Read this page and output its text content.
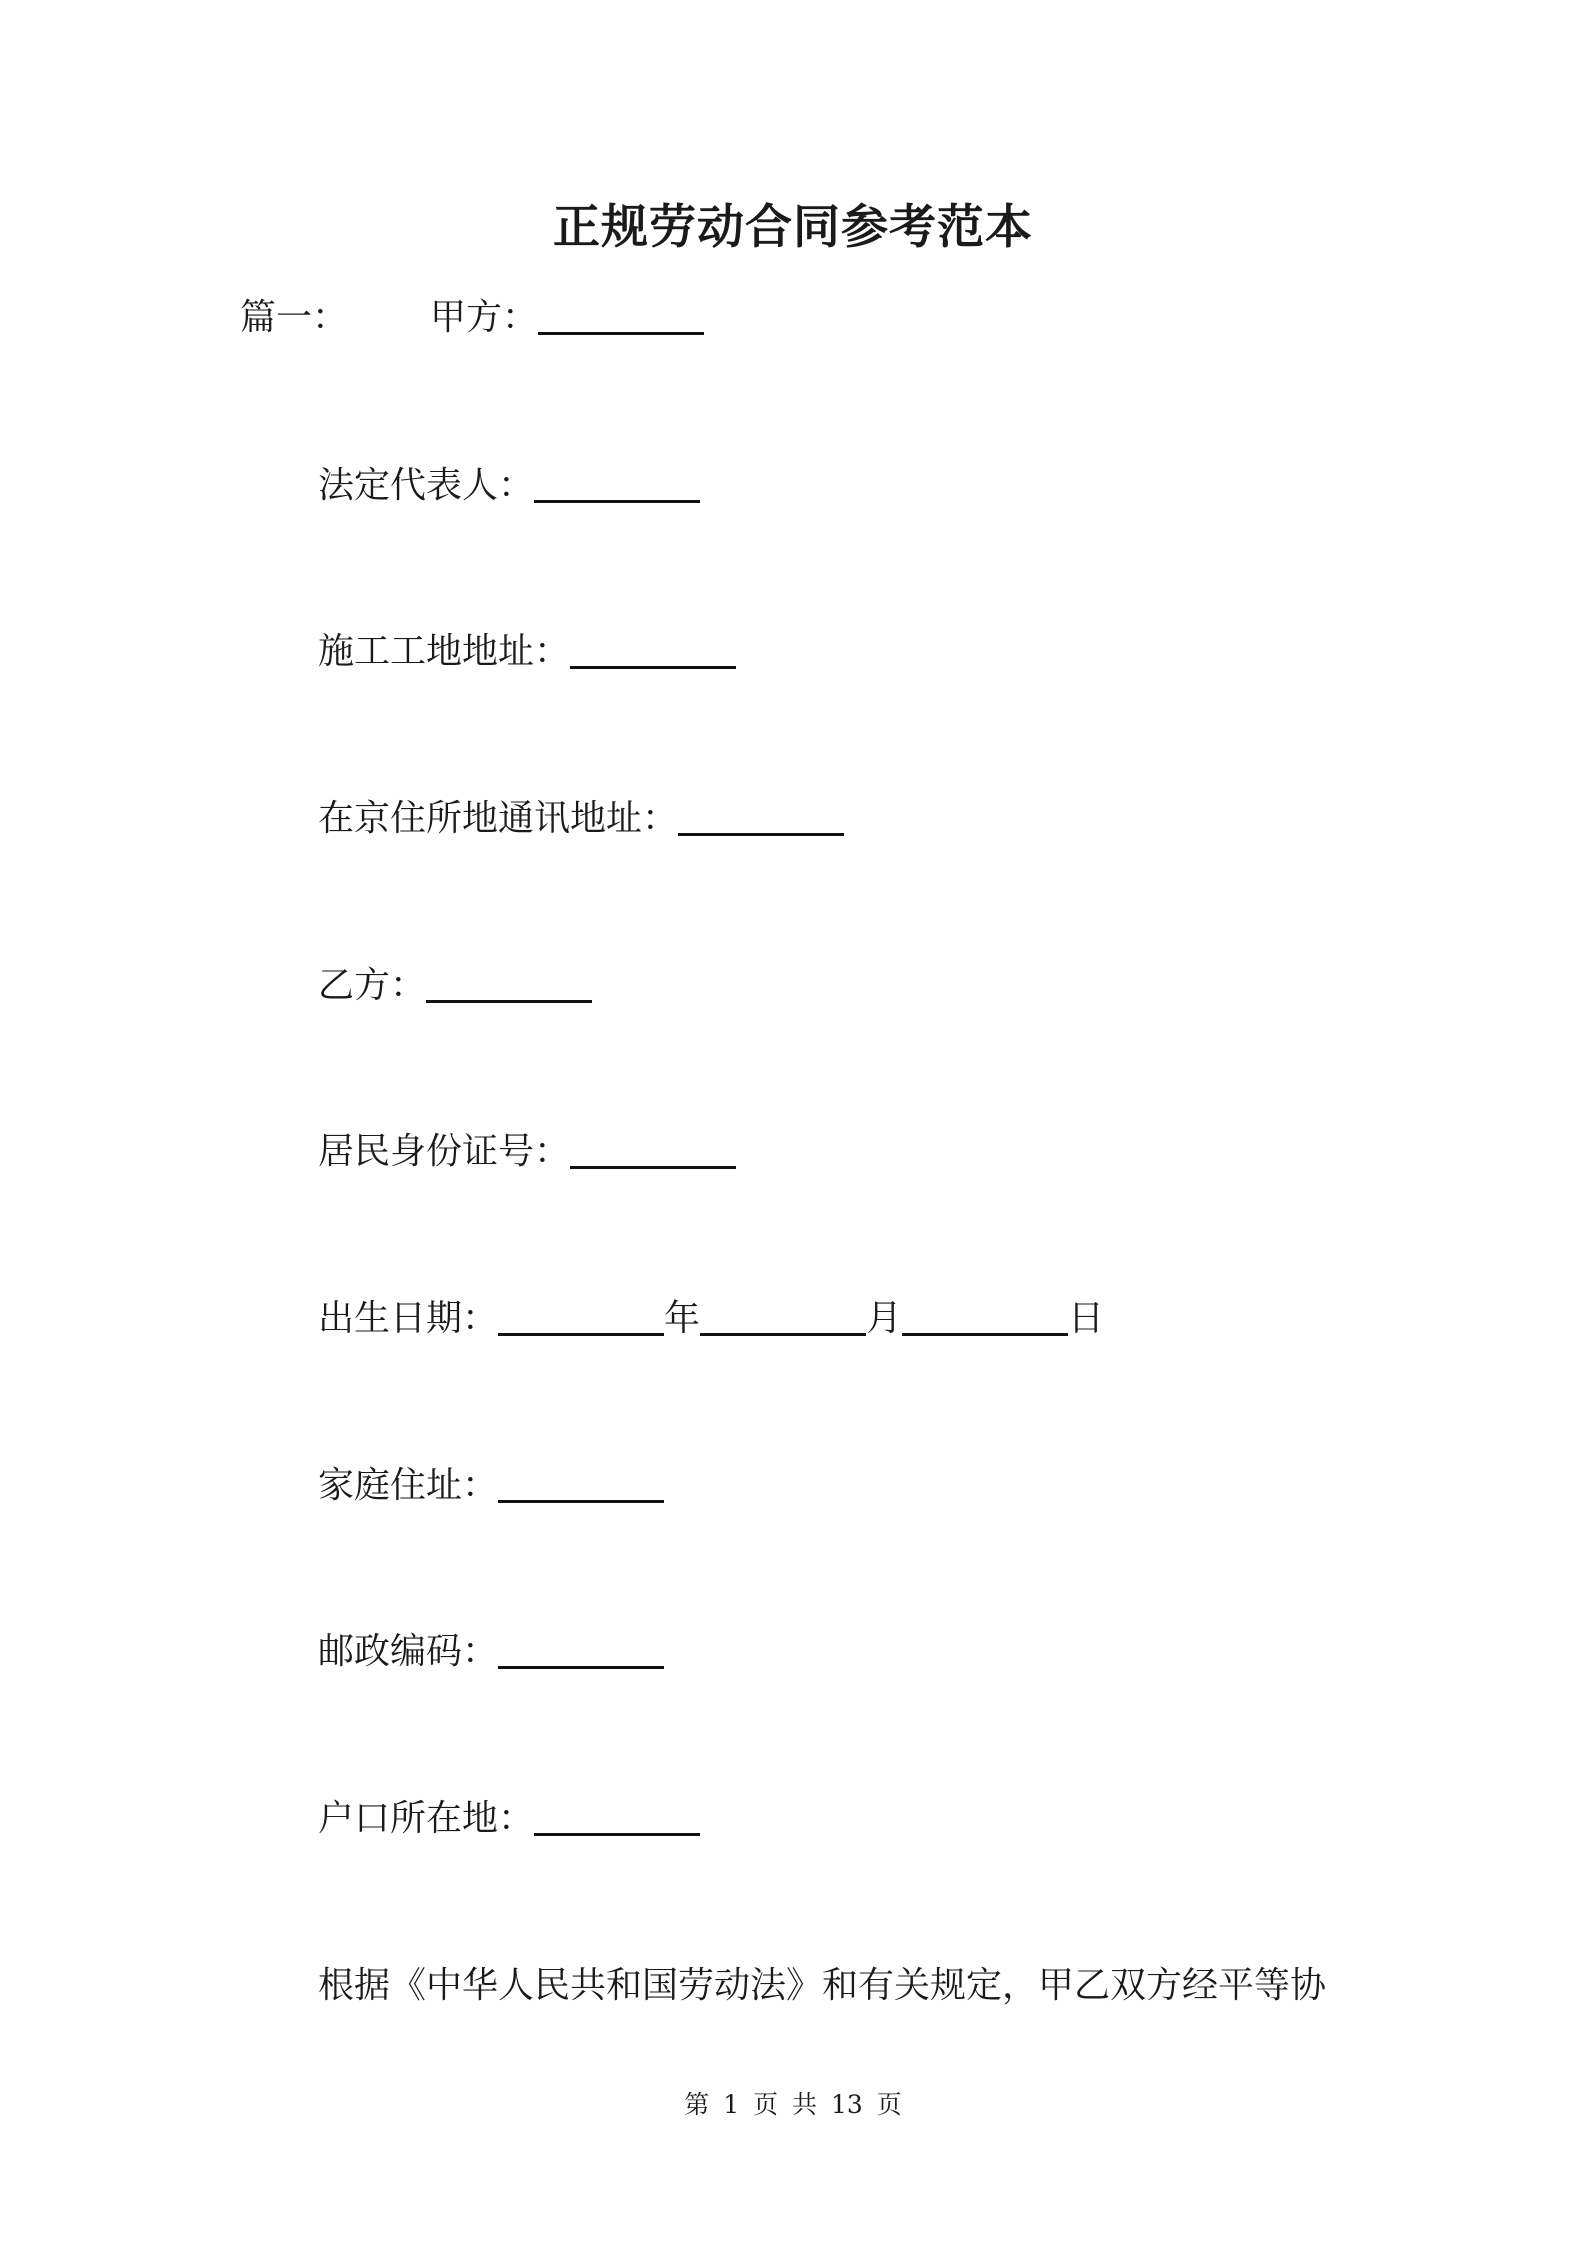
正规劳动合同参考范本
篇一： 甲方：
法定代表人：
施工工地地址：
在京住所地通讯地址：
乙方：
居民身份证号：
出生日期：	年	月	日
家庭住址：
邮政编码：
户口所在地：
根据《中华人民共和国劳动法》和有关规定，甲乙双方经平等协
第 1 页 共 13 页
